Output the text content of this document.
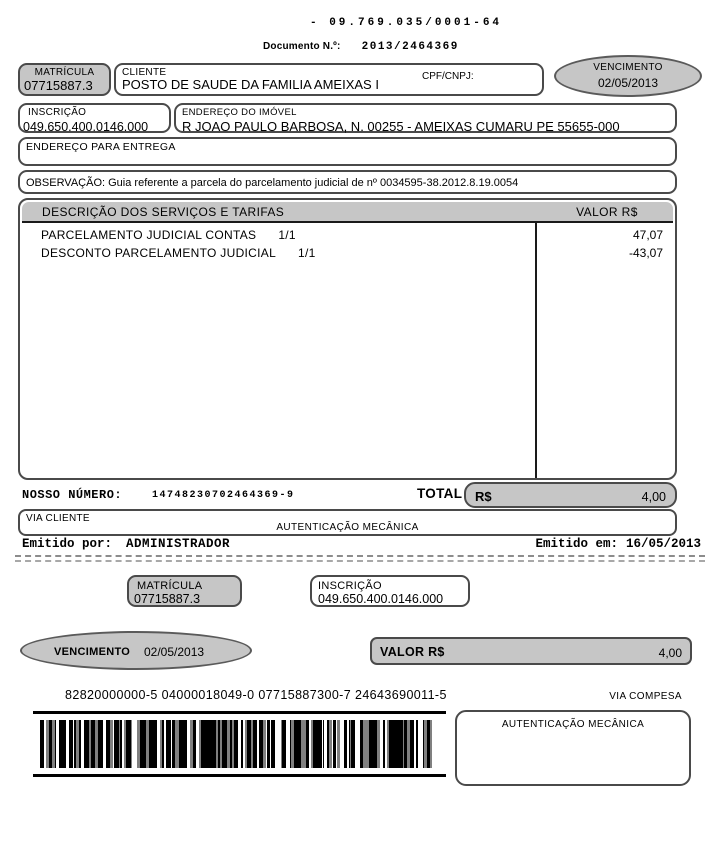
- 09.769.035/0001-64
Documento N.º: 2013/2464369
MATRÍCULA
07715887.3
CLIENTE	CPF/CNPJ:
POSTO DE SAUDE DA FAMILIA AMEIXAS I
VENCIMENTO
02/05/2013
INSCRIÇÃO
049.650.400.0146.000
ENDEREÇO DO IMÓVEL
R JOAO PAULO BARBOSA, N. 00255 - AMEIXAS CUMARU PE 55655-000
ENDEREÇO PARA ENTREGA
OBSERVAÇÃO: Guia referente a parcela do parcelamento judicial de nº 0034595-38.2012.8.19.0054
DESCRIÇÃO DOS SERVIÇOS E TARIFAS	VALOR R$
PARCELAMENTO JUDICIAL CONTAS 1/1	47,07
DESCONTO PARCELAMENTO JUDICIAL 1/1	-43,07
NOSSO NÚMERO:	14748230702464369-9	TOTAL R$	4,00
VIA CLIENTE
AUTENTICAÇÃO MECÂNICA
Emitido por: ADMINISTRADOR	Emitido em: 16/05/2013
MATRÍCULA
07715887.3
INSCRIÇÃO
049.650.400.0146.000
VENCIMENTO 02/05/2013	VALOR R$	4,00
82820000000-5 04000018049-0 07715887300-7 24643690011-5	VIA COMPESA
AUTENTICAÇÃO MECÂNICA
